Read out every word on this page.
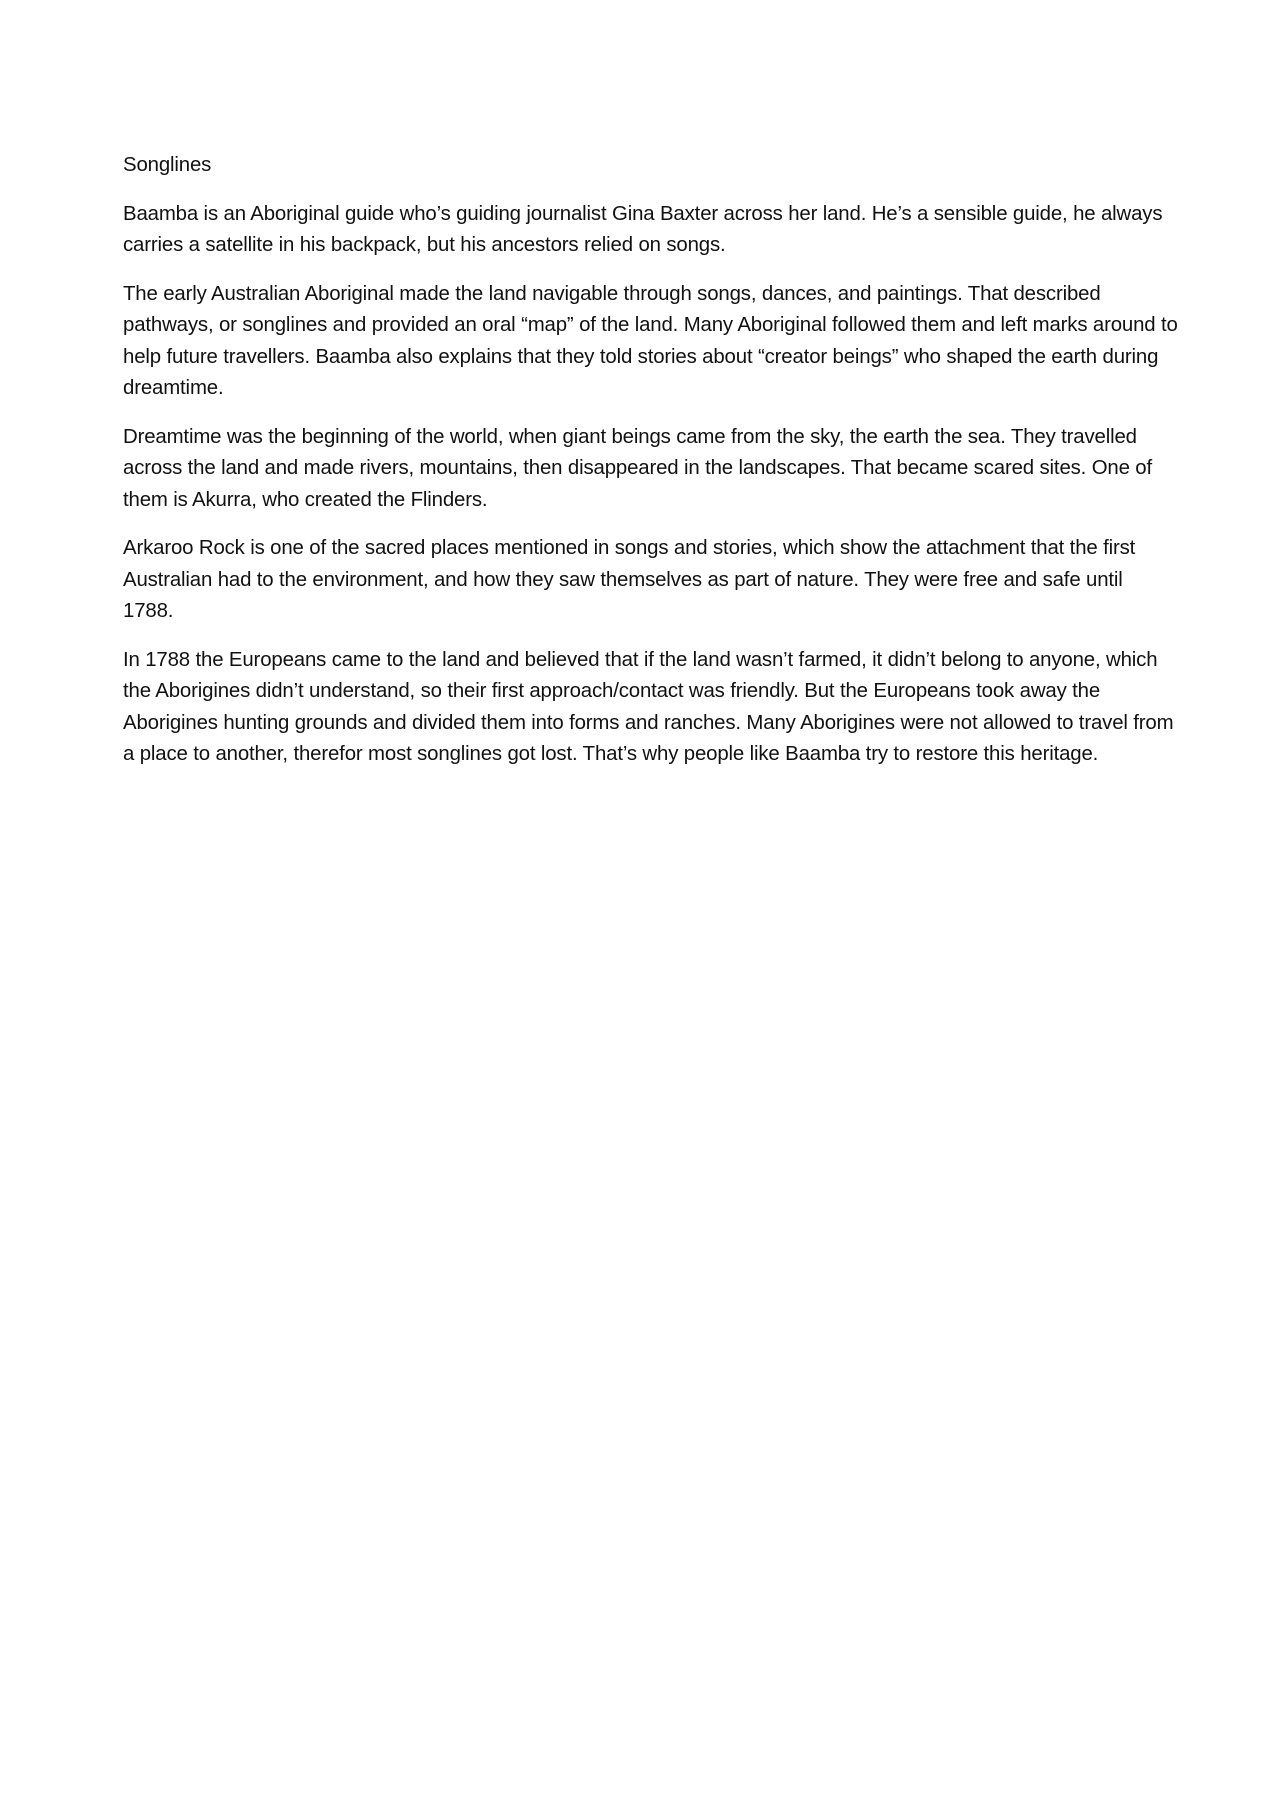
Songlines

Baamba is an Aboriginal guide who’s guiding journalist Gina Baxter across her land. He’s a sensible guide, he always carries a satellite in his backpack, but his ancestors relied on songs.

The early Australian Aboriginal made the land navigable through songs, dances, and paintings. That described pathways, or songlines and provided an oral “map” of the land. Many Aboriginal followed them and left marks around to help future travellers. Baamba also explains that they told stories about “creator beings” who shaped the earth during dreamtime.

Dreamtime was the beginning of the world, when giant beings came from the sky, the earth the sea. They travelled across the land and made rivers, mountains, then disappeared in the landscapes. That became scared sites. One of them is Akurra, who created the Flinders.

Arkaroo Rock is one of the sacred places mentioned in songs and stories, which show the attachment that the first Australian had to the environment, and how they saw themselves as part of nature. They were free and safe until 1788.

In 1788 the Europeans came to the land and believed that if the land wasn’t farmed, it didn’t belong to anyone, which the Aborigines didn’t understand, so their first approach/contact was friendly. But the Europeans took away the Aborigines hunting grounds and divided them into forms and ranches. Many Aborigines were not allowed to travel from a place to another, therefor most songlines got lost. That’s why people like Baamba try to restore this heritage.
